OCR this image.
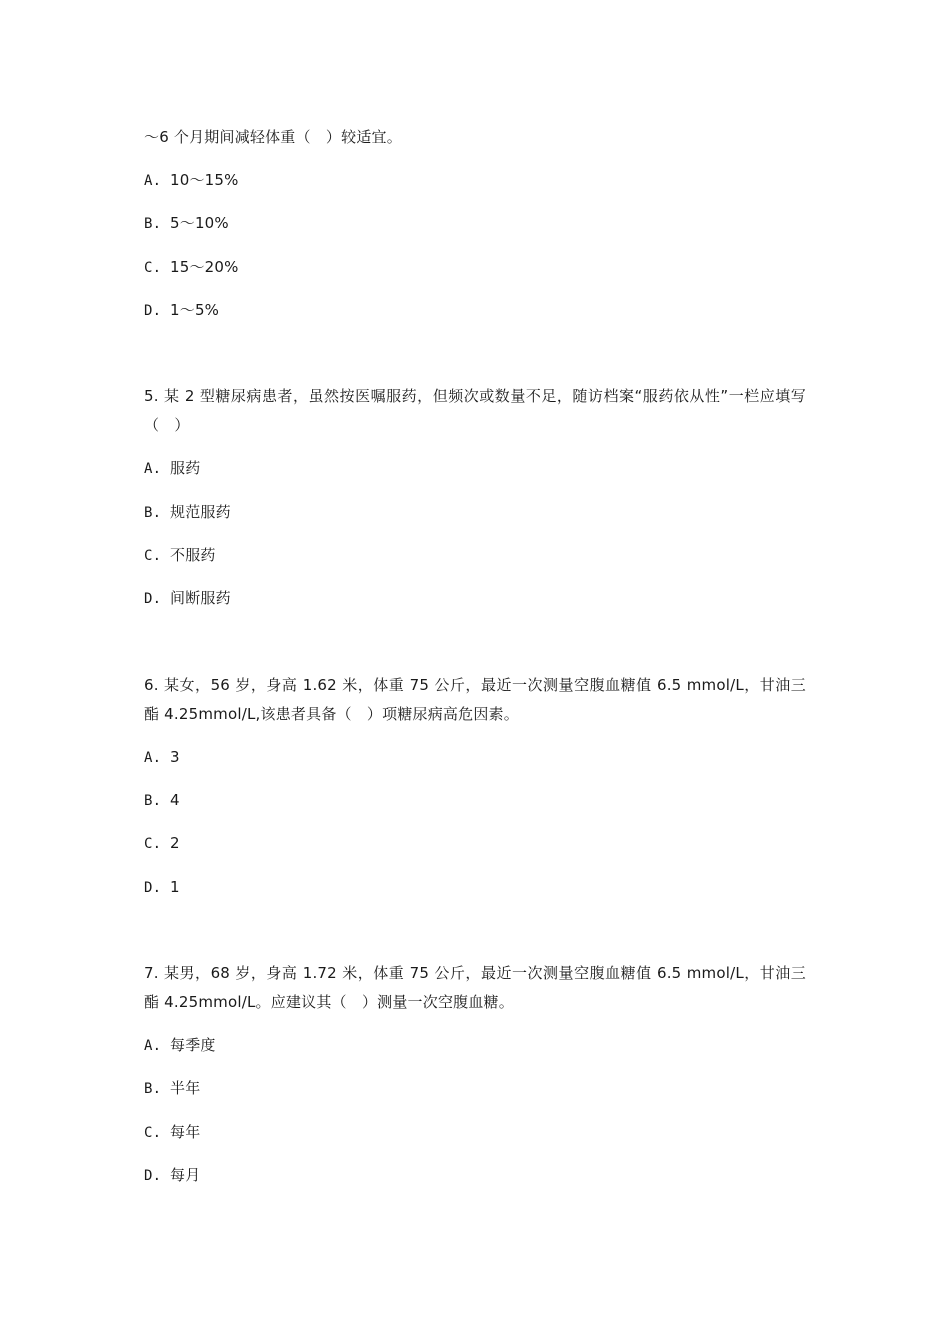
～6 个月期间减轻体重（　）较适宜。
A. 10～15%
B. 5～10%
C. 15～20%
D. 1～5%
5. 某 2 型糖尿病患者，虽然按医嘱服药，但频次或数量不足，随访档案“服药依从性”一栏应填写（　）
A. 服药
B. 规范服药
C. 不服药
D. 间断服药
6. 某女，56 岁，身高 1.62 米，体重 75 公斤，最近一次测量空腹血糖值 6.5 mmol/L，甘油三酯 4.25mmol/L,该患者具备（　）项糖尿病高危因素。
A. 3
B. 4
C. 2
D. 1
7. 某男，68 岁，身高 1.72 米，体重 75 公斤，最近一次测量空腹血糖值 6.5 mmol/L，甘油三酯 4.25mmol/L。应建议其（　）测量一次空腹血糖。
A. 每季度
B. 半年
C. 每年
D. 每月
